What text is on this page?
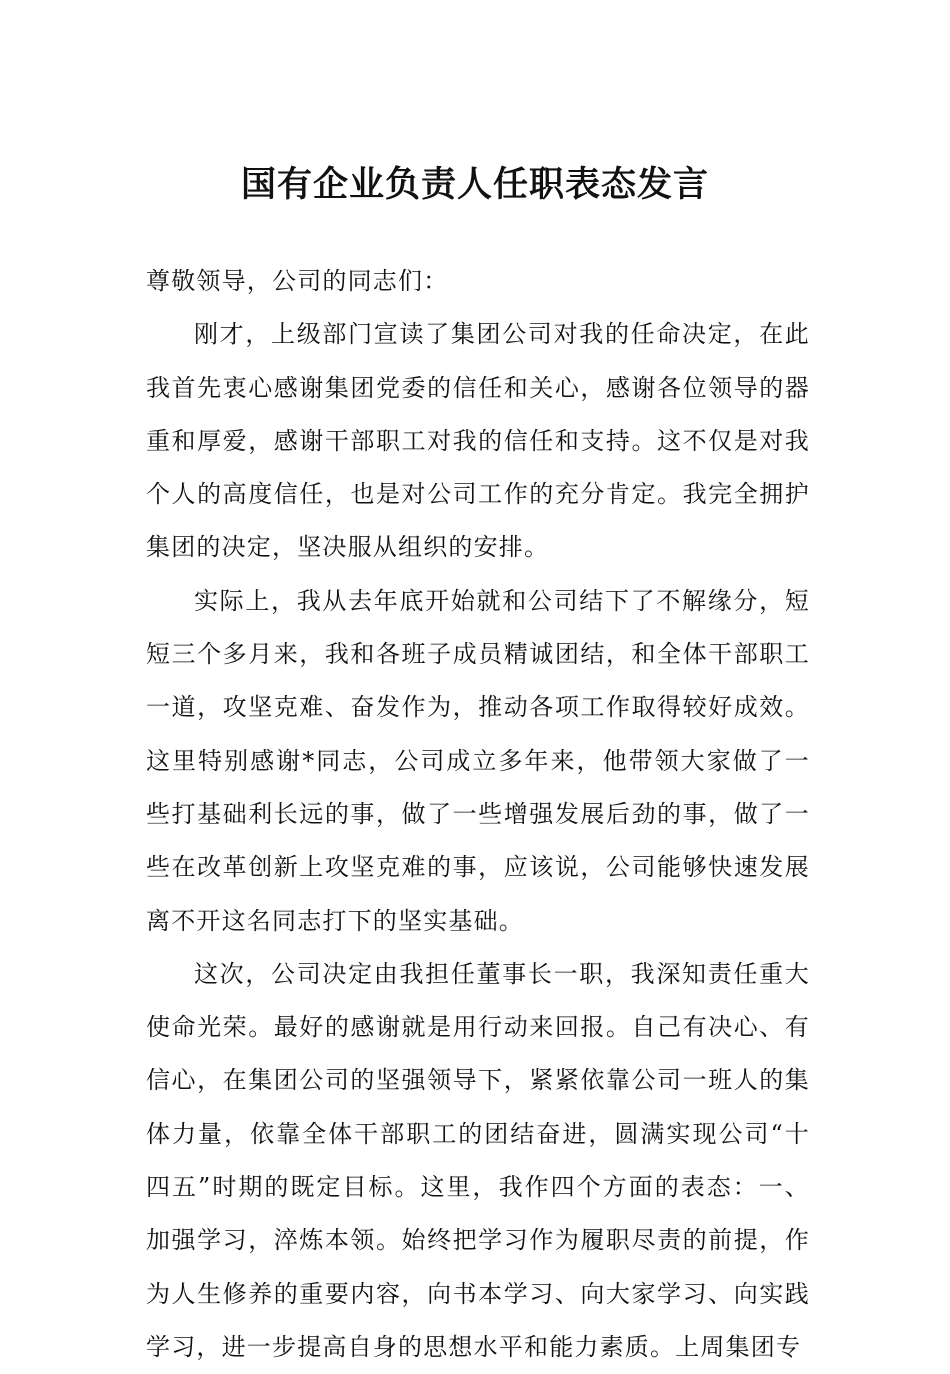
国有企业负责人任职表态发言

尊敬领导，公司的同志们：

刚才，上级部门宣读了集团公司对我的任命决定，在此我首先衷心感谢集团党委的信任和关心，感谢各位领导的器重和厚爱，感谢干部职工对我的信任和支持。这不仅是对我个人的高度信任，也是对公司工作的充分肯定。我完全拥护集团的决定，坚决服从组织的安排。

实际上，我从去年底开始就和公司结下了不解缘分，短短三个多月来，我和各班子成员精诚团结，和全体干部职工一道，攻坚克难、奋发作为，推动各项工作取得较好成效。这里特别感谢*同志，公司成立多年来，他带领大家做了一些打基础利长远的事，做了一些增强发展后劲的事，做了一些在改革创新上攻坚克难的事，应该说，公司能够快速发展离不开这名同志打下的坚实基础。

这次，公司决定由我担任董事长一职，我深知责任重大使命光荣。最好的感谢就是用行动来回报。自己有决心、有信心，在集团公司的坚强领导下，紧紧依靠公司一班人的集体力量，依靠全体干部职工的团结奋进，圆满实现公司“十四五”时期的既定目标。这里，我作四个方面的表态：一、加强学习，淬炼本领。始终把学习作为履职尽责的前提，作为人生修养的重要内容，向书本学习、向大家学习、向实践学习，进一步提高自身的思想水平和能力素质。上周集团专
